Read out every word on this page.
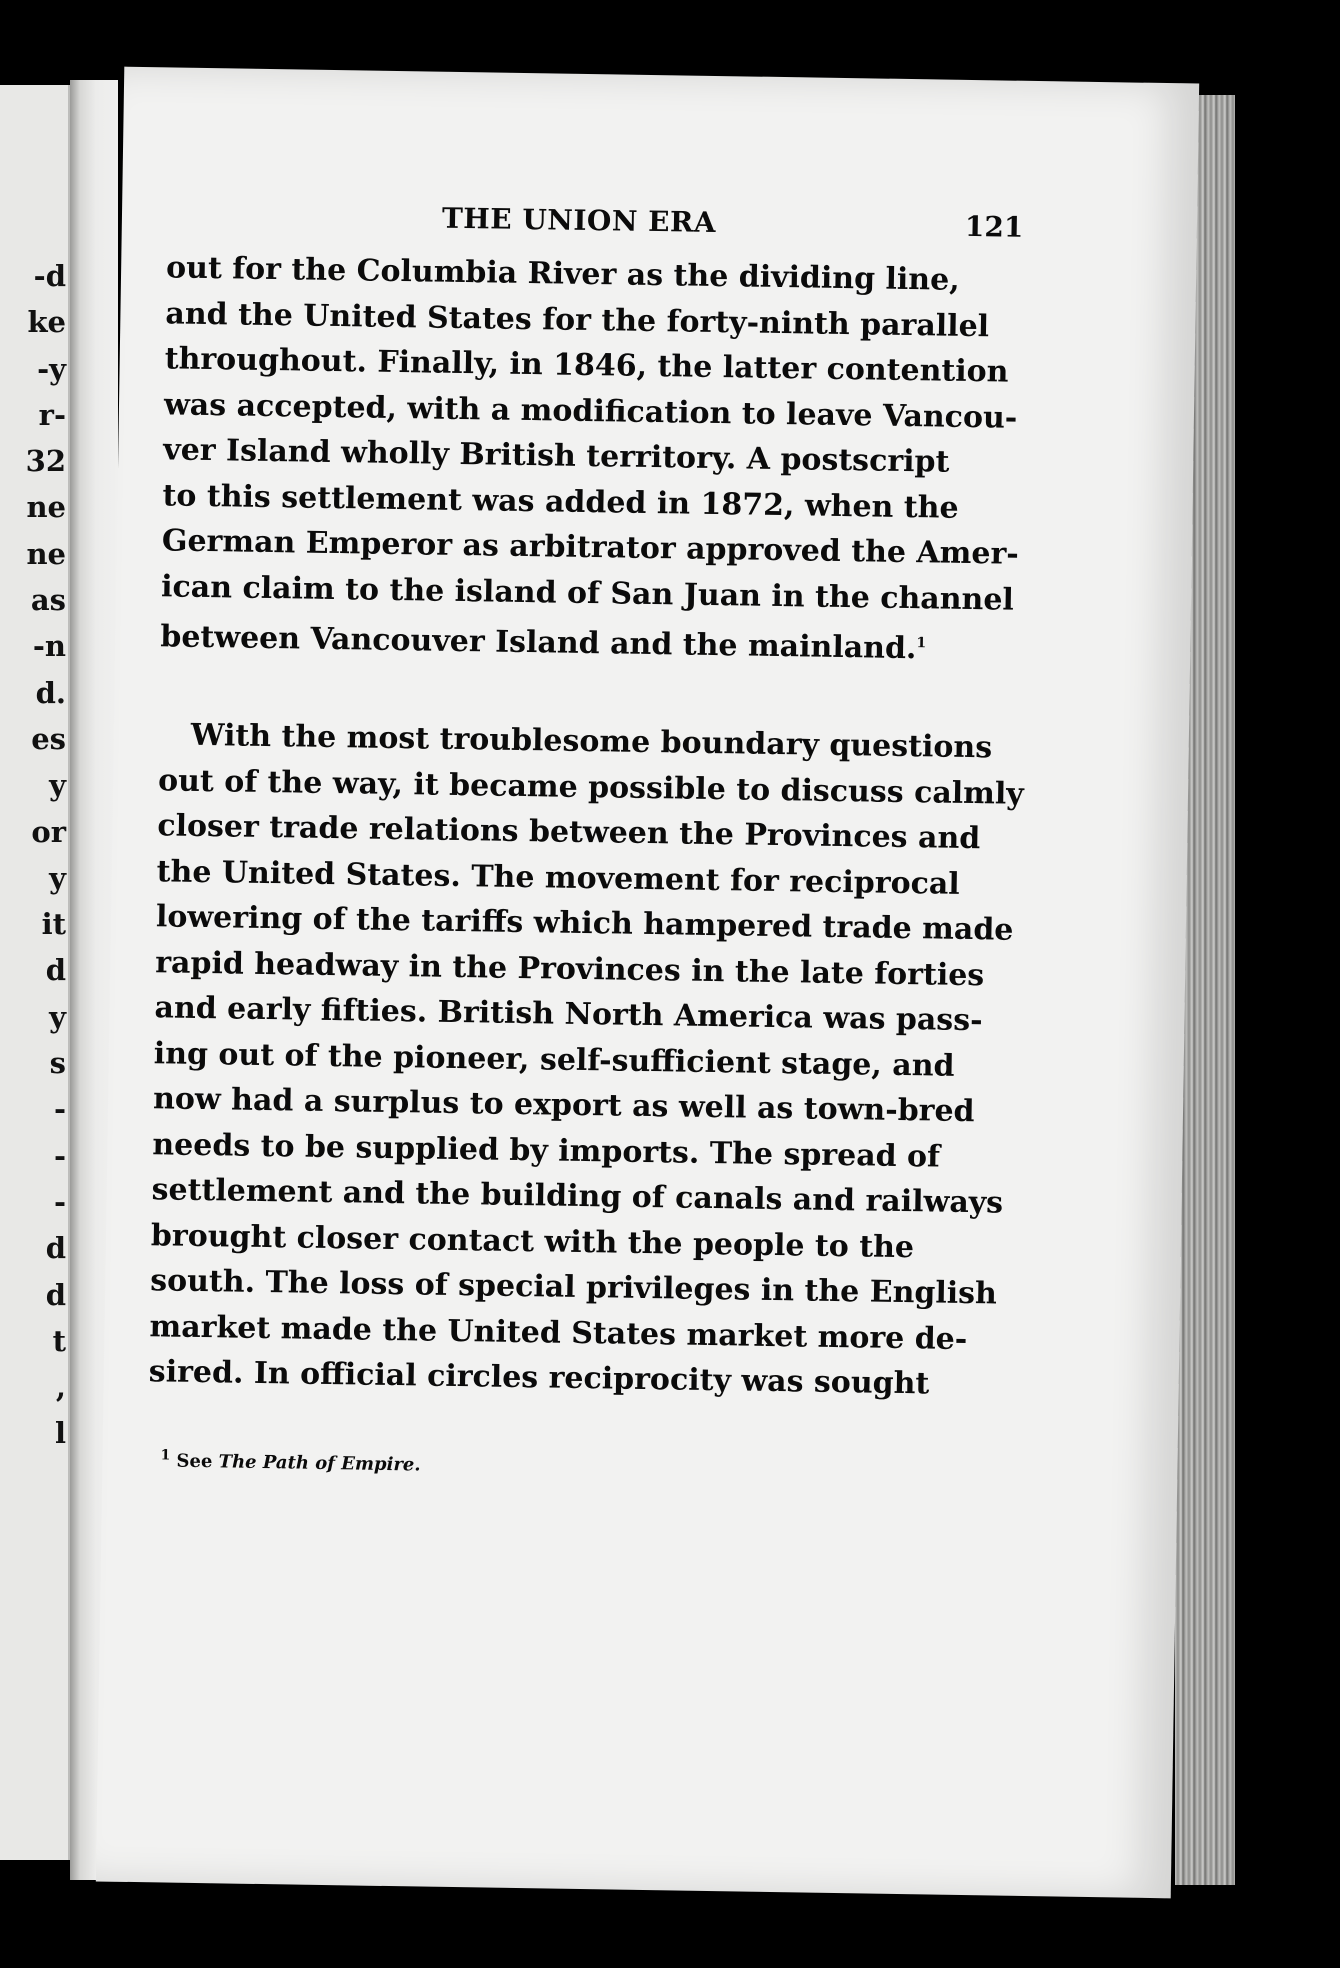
-d
ke
-y
r-
32
ne
ne
as
-n
d.
es
y
or
y
it
d
y
s
-
-
-
d
d
t
,
l
THE UNION ERA	121
out for the Columbia River as the dividing line,
and the United States for the forty-ninth parallel
throughout. Finally, in 1846, the latter contention
was accepted, with a modification to leave Vancou-
ver Island wholly British territory. A postscript
to this settlement was added in 1872, when the
German Emperor as arbitrator approved the Amer-
ican claim to the island of San Juan in the channel
between Vancouver Island and the mainland.$^1$
With the most troublesome boundary questions
out of the way, it became possible to discuss calmly
closer trade relations between the Provinces and
the United States. The movement for reciprocal
lowering of the tariffs which hampered trade made
rapid headway in the Provinces in the late forties
and early fifties. British North America was pass-
ing out of the pioneer, self-sufficient stage, and
now had a surplus to export as well as town-bred
needs to be supplied by imports. The spread of
settlement and the building of canals and railways
brought closer contact with the people to the
south. The loss of special privileges in the English
market made the United States market more de-
sired. In official circles reciprocity was sought
$^1$ See The Path of Empire.
